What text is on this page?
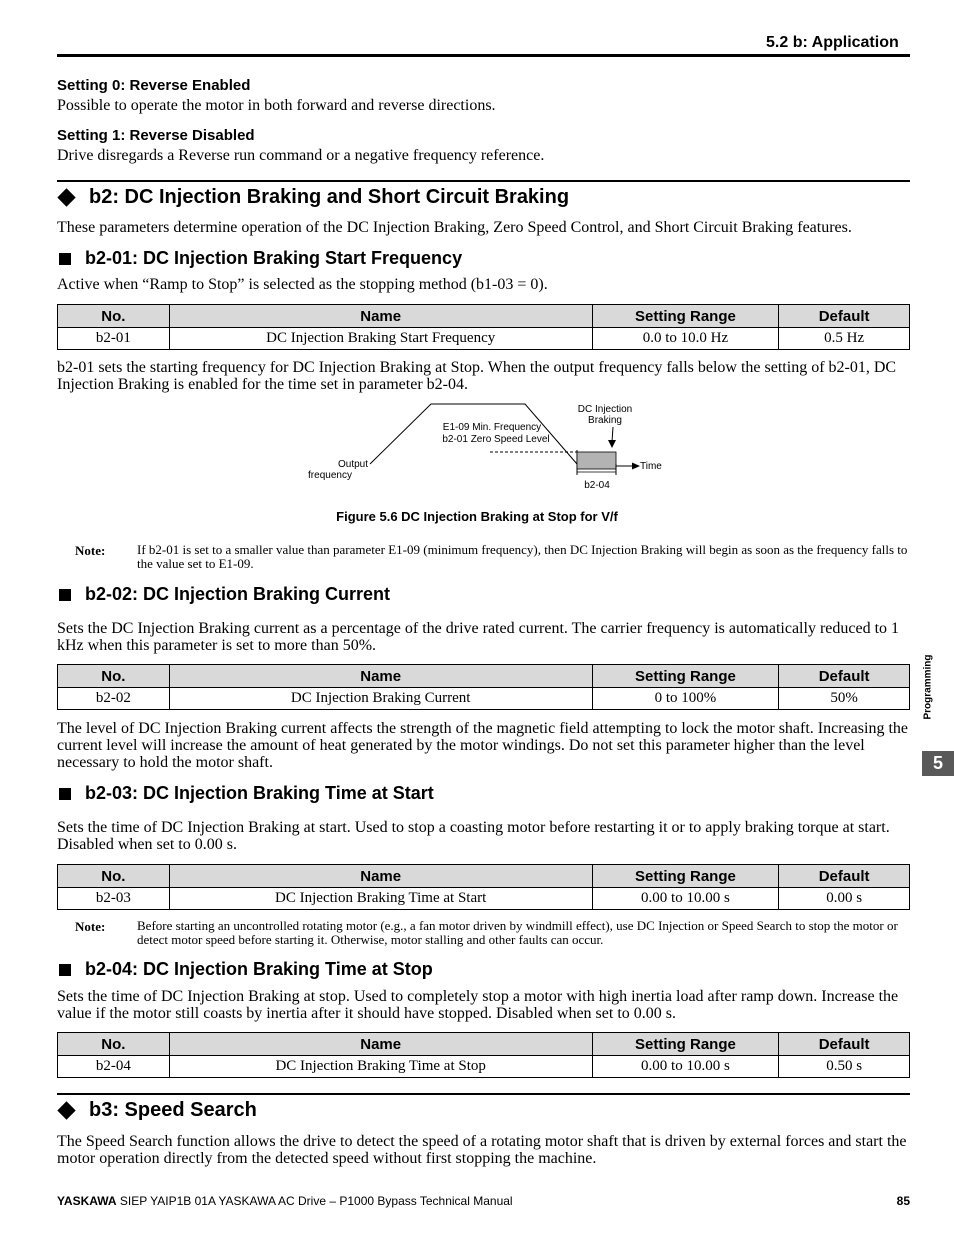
5.2 b: Application
Setting 0: Reverse Enabled
Possible to operate the motor in both forward and reverse directions.
Setting 1: Reverse Disabled
Drive disregards a Reverse run command or a negative frequency reference.
b2: DC Injection Braking and Short Circuit Braking
These parameters determine operation of the DC Injection Braking, Zero Speed Control, and Short Circuit Braking features.
b2-01: DC Injection Braking Start Frequency
Active when “Ramp to Stop” is selected as the stopping method (b1-03 = 0).
No.	Name	Setting Range	Default
b2-01	DC Injection Braking Start Frequency	0.0 to 10.0 Hz	0.5 Hz
b2-01 sets the starting frequency for DC Injection Braking at Stop. When the output frequency falls below the setting of b2-01, DC Injection Braking is enabled for the time set in parameter b2-04.
Output
frequency
E1-09 Min. Frequency
b2-01 Zero Speed Level
DC Injection
Braking
Time
b2-04
Figure 5.6 DC Injection Braking at Stop for V/f
Note: If b2-01 is set to a smaller value than parameter E1-09 (minimum frequency), then DC Injection Braking will begin as soon as the frequency falls to the value set to E1-09.
b2-02: DC Injection Braking Current
Sets the DC Injection Braking current as a percentage of the drive rated current. The carrier frequency is automatically reduced to 1 kHz when this parameter is set to more than 50%.
No.	Name	Setting Range	Default
b2-02	DC Injection Braking Current	0 to 100%	50%
The level of DC Injection Braking current affects the strength of the magnetic field attempting to lock the motor shaft. Increasing the current level will increase the amount of heat generated by the motor windings. Do not set this parameter higher than the level necessary to hold the motor shaft.
b2-03: DC Injection Braking Time at Start
Sets the time of DC Injection Braking at start. Used to stop a coasting motor before restarting it or to apply braking torque at start. Disabled when set to 0.00 s.
No.	Name	Setting Range	Default
b2-03	DC Injection Braking Time at Start	0.00 to 10.00 s	0.00 s
Note: Before starting an uncontrolled rotating motor (e.g., a fan motor driven by windmill effect), use DC Injection or Speed Search to stop the motor or detect motor speed before starting it. Otherwise, motor stalling and other faults can occur.
b2-04: DC Injection Braking Time at Stop
Sets the time of DC Injection Braking at stop. Used to completely stop a motor with high inertia load after ramp down. Increase the value if the motor still coasts by inertia after it should have stopped. Disabled when set to 0.00 s.
No.	Name	Setting Range	Default
b2-04	DC Injection Braking Time at Stop	0.00 to 10.00 s	0.50 s
b3: Speed Search
The Speed Search function allows the drive to detect the speed of a rotating motor shaft that is driven by external forces and start the motor operation directly from the detected speed without first stopping the machine.
Programming
5
YASKAWA SIEP YAIP1B 01A YASKAWA AC Drive – P1000 Bypass Technical Manual	85
